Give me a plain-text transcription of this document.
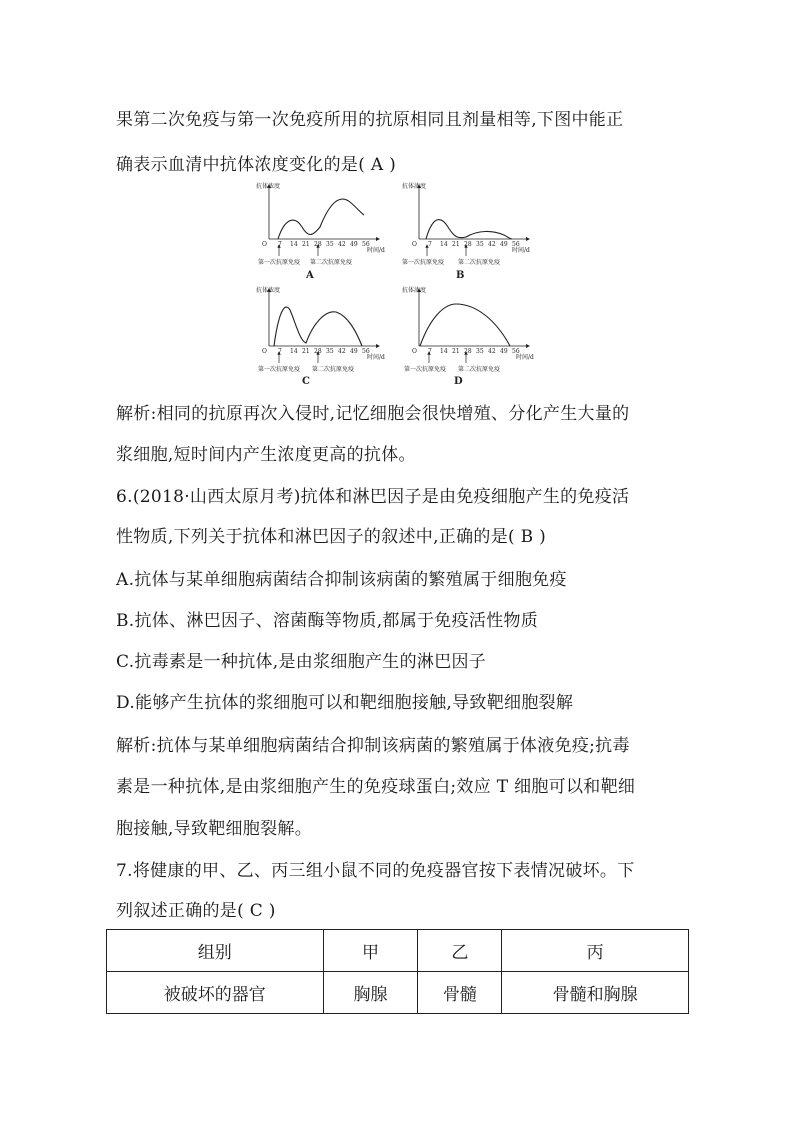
果第二次免疫与第一次免疫所用的抗原相同且剂量相等,下图中能正
确表示血清中抗体浓度变化的是( A )
抗体浓度
O 7 14 21 28 35 42 49 56
时间/d
第一次抗原免疫 第二次抗原免疫
A
抗体浓度
O 7 14 21 28 35 42 49 56
时间/d
第一次抗原免疫 第二次抗原免疫
B
抗体浓度
O 7 14 21 28 35 42 49 56
时间/d
第一次抗原免疫 第二次抗原免疫
C
抗体浓度
O 7 14 21 28 35 42 49 56
时间/d
第一次抗原免疫 第二次抗原免疫
D
解析:相同的抗原再次入侵时,记忆细胞会很快增殖、分化产生大量的
浆细胞,短时间内产生浓度更高的抗体。
6.(2018·山西太原月考)抗体和淋巴因子是由免疫细胞产生的免疫活
性物质,下列关于抗体和淋巴因子的叙述中,正确的是( B )
A.抗体与某单细胞病菌结合抑制该病菌的繁殖属于细胞免疫
B.抗体、淋巴因子、溶菌酶等物质,都属于免疫活性物质
C.抗毒素是一种抗体,是由浆细胞产生的淋巴因子
D.能够产生抗体的浆细胞可以和靶细胞接触,导致靶细胞裂解
解析:抗体与某单细胞病菌结合抑制该病菌的繁殖属于体液免疫;抗毒
素是一种抗体,是由浆细胞产生的免疫球蛋白;效应 T 细胞可以和靶细
胞接触,导致靶细胞裂解。
7.将健康的甲、乙、丙三组小鼠不同的免疫器官按下表情况破坏。下
列叙述正确的是( C )
组别	甲	乙	丙
被破坏的器官	胸腺	骨髓	骨髓和胸腺
